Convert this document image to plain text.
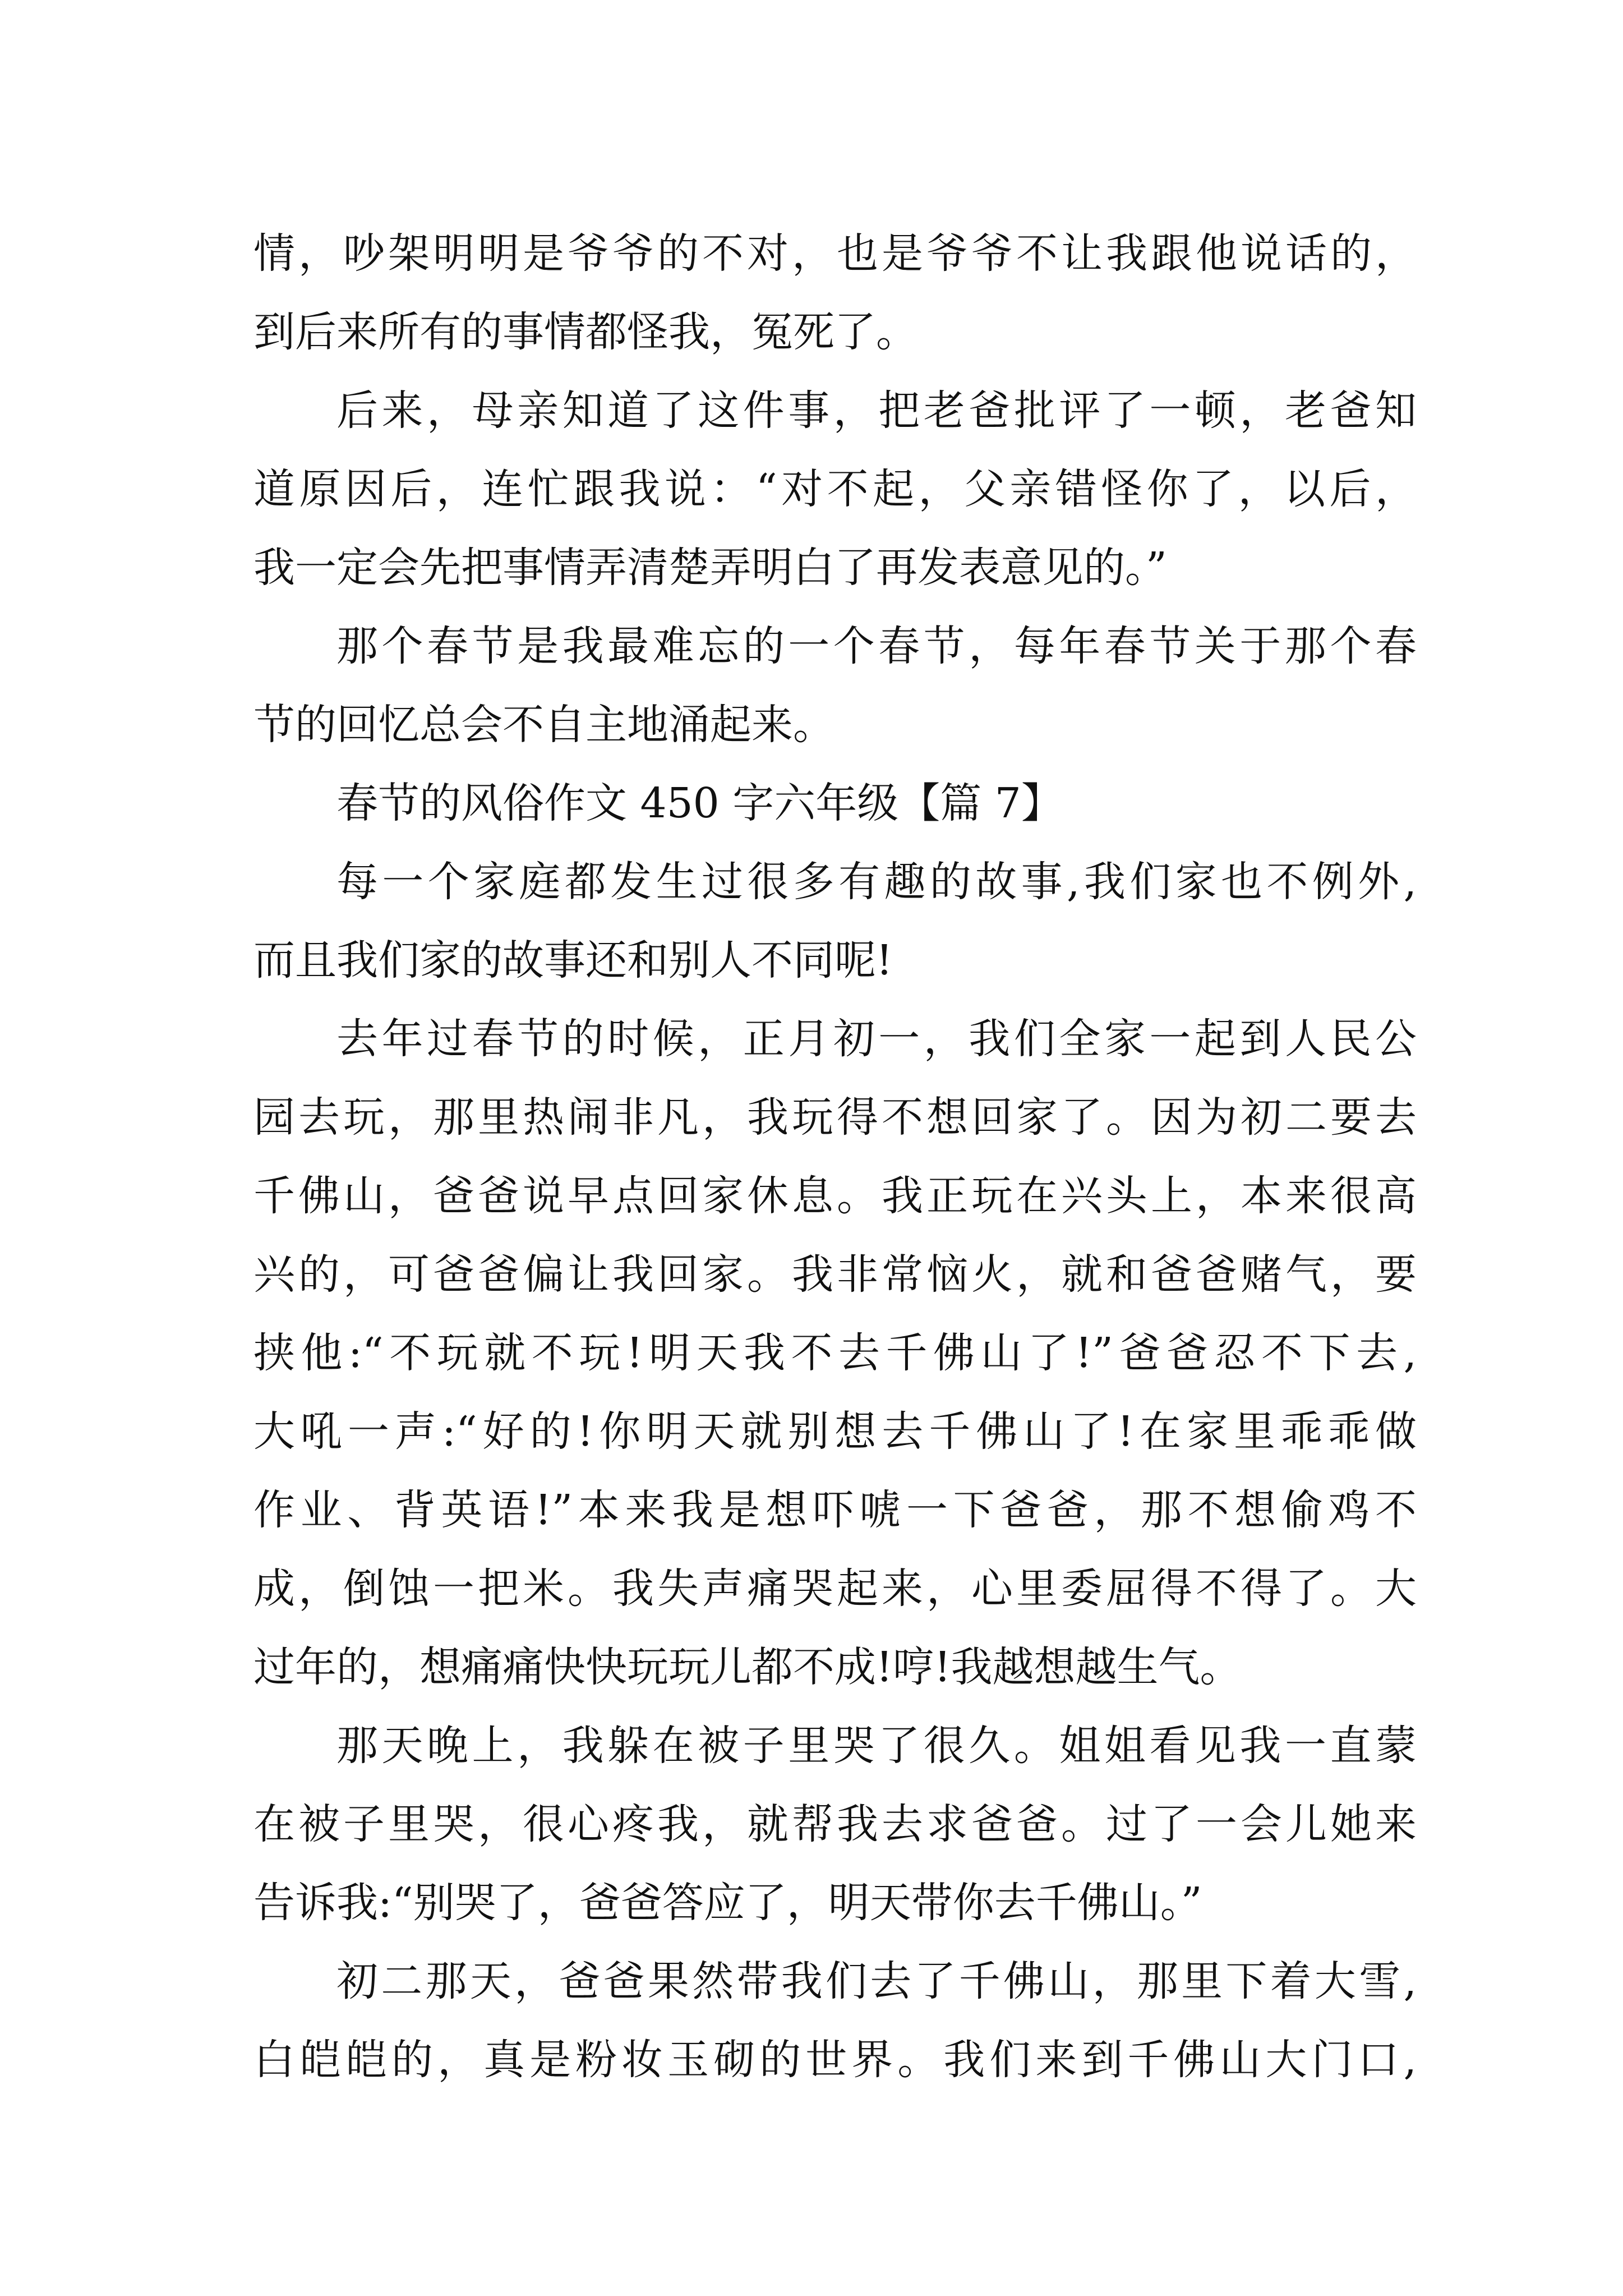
情，吵架明明是爷爷的不对，也是爷爷不让我跟他说话的，
到后来所有的事情都怪我，冤死了。
后来，母亲知道了这件事，把老爸批评了一顿，老爸知
道原因后，连忙跟我说：“对不起，父亲错怪你了，以后，
我一定会先把事情弄清楚弄明白了再发表意见的。”
那个春节是我最难忘的一个春节，每年春节关于那个春
节的回忆总会不自主地涌起来。
春节的风俗作文 450 字六年级【篇 7】
每一个家庭都发生过很多有趣的故事,我们家也不例外,
而且我们家的故事还和别人不同呢!
去年过春节的时候，正月初一，我们全家一起到人民公
园去玩，那里热闹非凡，我玩得不想回家了。因为初二要去
千佛山，爸爸说早点回家休息。我正玩在兴头上，本来很高
兴的，可爸爸偏让我回家。我非常恼火，就和爸爸赌气，要
挟他:“不玩就不玩!明天我不去千佛山了!”爸爸忍不下去,
大吼一声:“好的!你明天就别想去千佛山了!在家里乖乖做
作业、背英语!”本来我是想吓唬一下爸爸，那不想偷鸡不
成，倒蚀一把米。我失声痛哭起来，心里委屈得不得了。大
过年的，想痛痛快快玩玩儿都不成!哼!我越想越生气。
那天晚上，我躲在被子里哭了很久。姐姐看见我一直蒙
在被子里哭，很心疼我，就帮我去求爸爸。过了一会儿她来
告诉我:“别哭了，爸爸答应了，明天带你去千佛山。”
初二那天，爸爸果然带我们去了千佛山，那里下着大雪,
白皑皑的，真是粉妆玉砌的世界。我们来到千佛山大门口,
